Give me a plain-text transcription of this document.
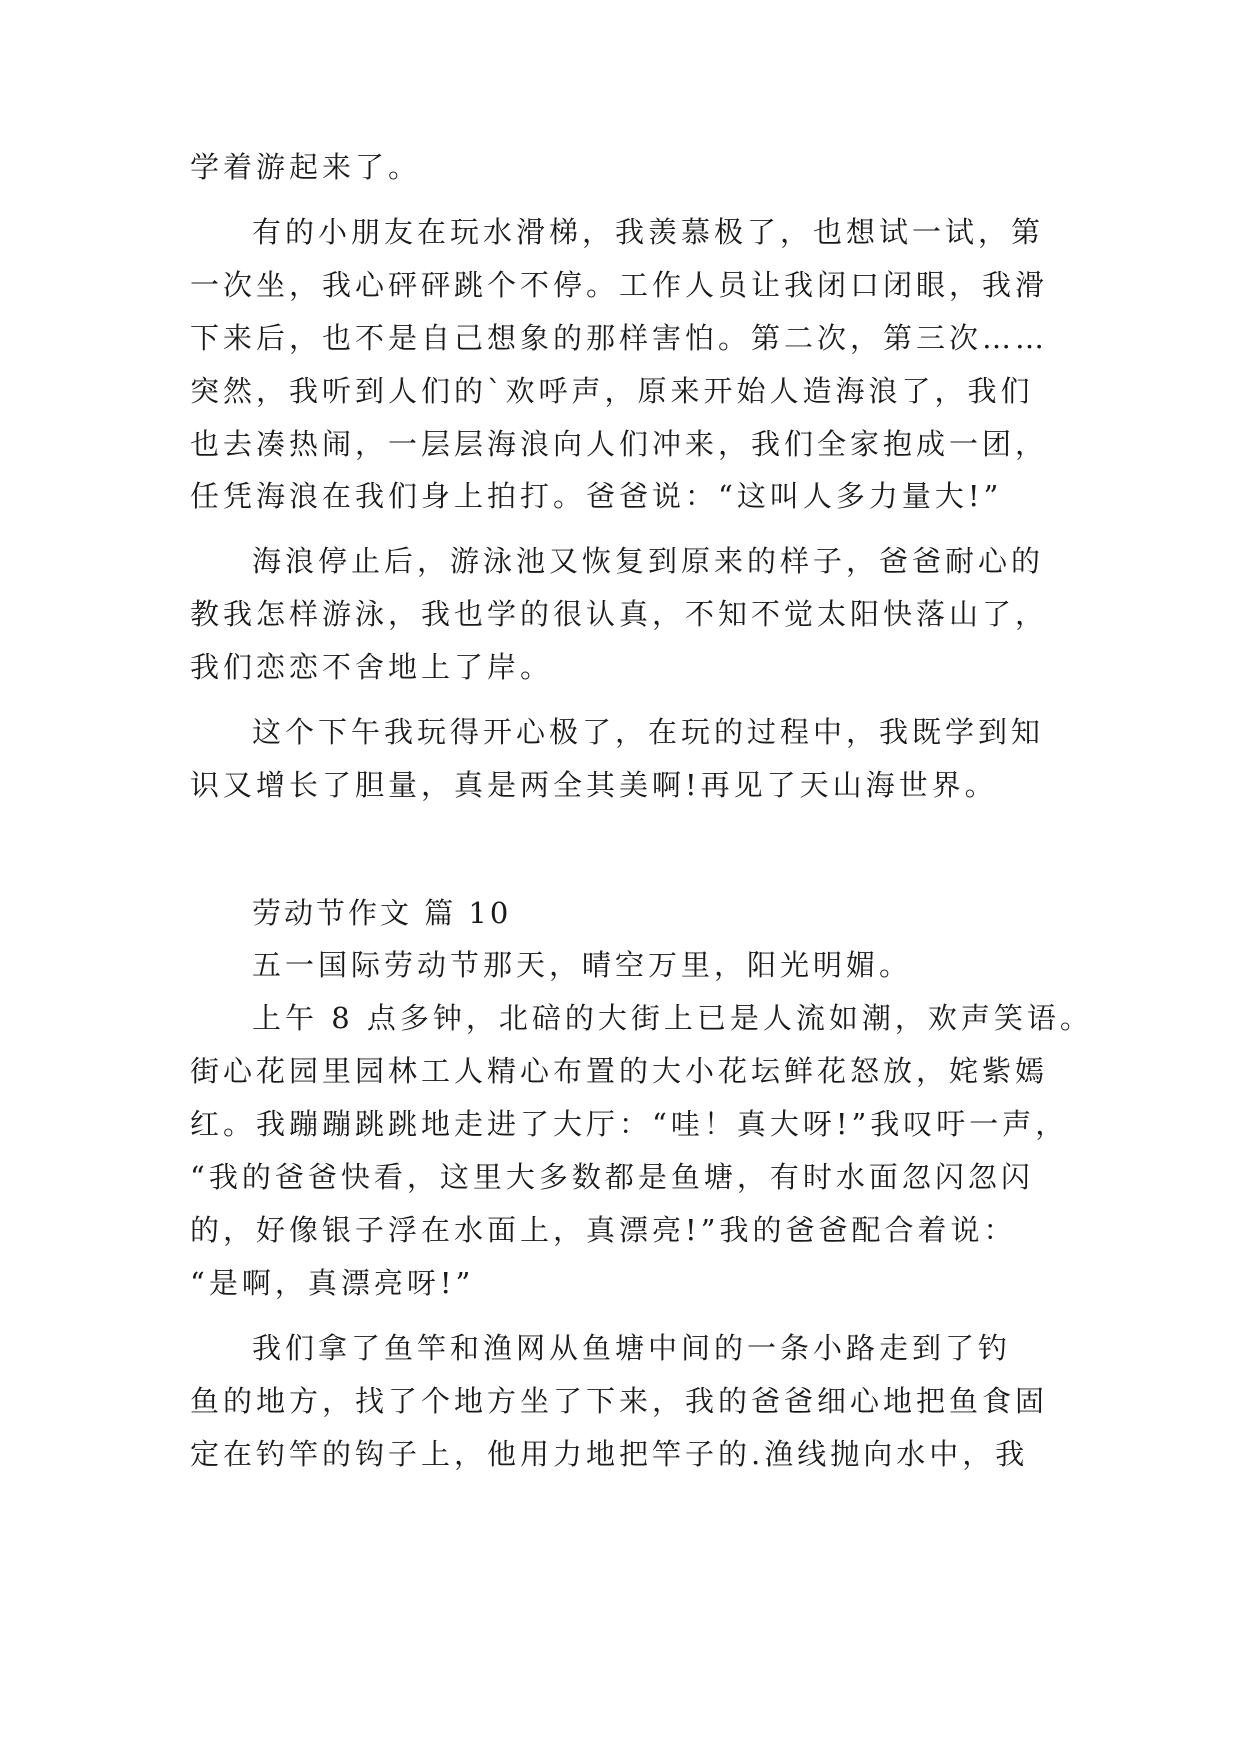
学着游起来了。
有的小朋友在玩水滑梯，我羡慕极了，也想试一试，第
一次坐，我心砰砰跳个不停。工作人员让我闭口闭眼，我滑
下来后，也不是自己想象的那样害怕。第二次，第三次……
突然，我听到人们的`欢呼声，原来开始人造海浪了，我们
也去凑热闹，一层层海浪向人们冲来，我们全家抱成一团，
任凭海浪在我们身上拍打。爸爸说：“这叫人多力量大!”
海浪停止后，游泳池又恢复到原来的样子，爸爸耐心的
教我怎样游泳，我也学的很认真，不知不觉太阳快落山了，
我们恋恋不舍地上了岸。
这个下午我玩得开心极了，在玩的过程中，我既学到知
识又增长了胆量，真是两全其美啊!再见了天山海世界。
劳动节作文 篇 10
五一国际劳动节那天，晴空万里，阳光明媚。
上午 8 点多钟，北碚的大街上已是人流如潮，欢声笑语。
街心花园里园林工人精心布置的大小花坛鲜花怒放，姹紫嫣
红。我蹦蹦跳跳地走进了大厅：“哇！真大呀!”我叹吁一声，
“我的爸爸快看，这里大多数都是鱼塘，有时水面忽闪忽闪
的，好像银子浮在水面上，真漂亮!”我的爸爸配合着说：
“是啊，真漂亮呀!”
我们拿了鱼竿和渔网从鱼塘中间的一条小路走到了钓
鱼的地方，找了个地方坐了下来，我的爸爸细心地把鱼食固
定在钓竿的钩子上，他用力地把竿子的.渔线抛向水中，我
